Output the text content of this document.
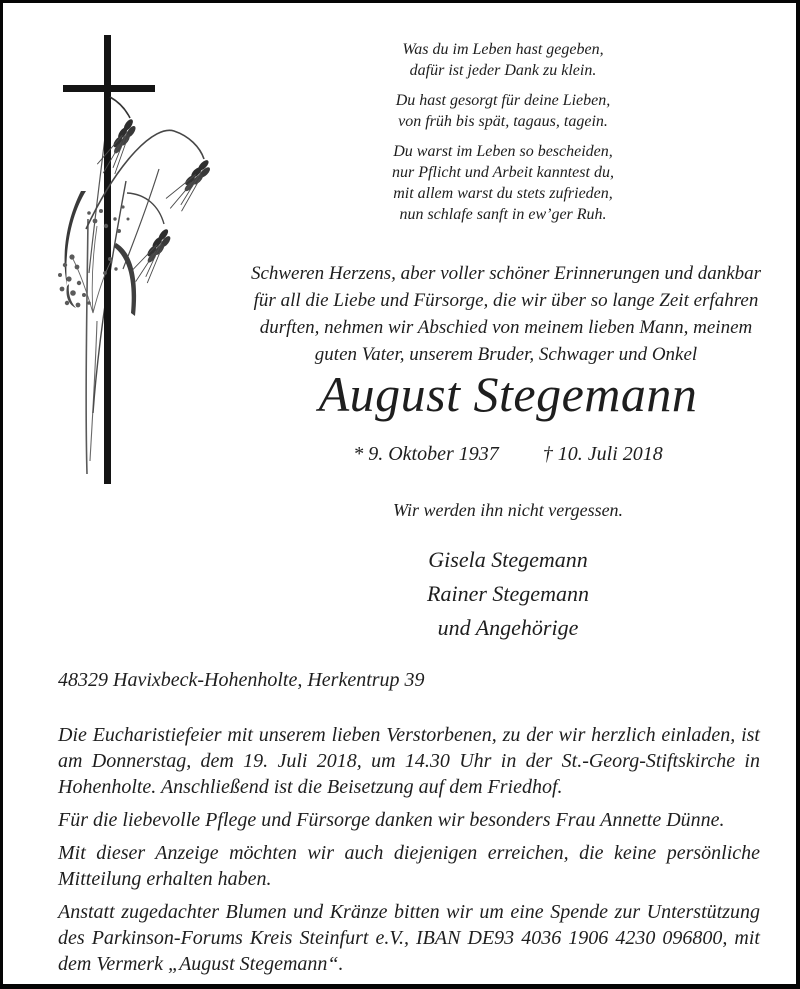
Was du im Leben hast gegeben,
dafür ist jeder Dank zu klein.
Du hast gesorgt für deine Lieben,
von früh bis spät, tagaus, tagein.
Du warst im Leben so bescheiden,
nur Pflicht und Arbeit kanntest du,
mit allem warst du stets zufrieden,
nun schlafe sanft in ew’ger Ruh.
Schweren Herzens, aber voller schöner Erinnerungen und dankbar für all die Liebe und Fürsorge, die wir über so lange Zeit erfahren durften, nehmen wir Abschied von meinem lieben Mann, meinem guten Vater, unserem Bruder, Schwager und Onkel
August Stegemann
* 9. Oktober 1937 † 10. Juli 2018
Wir werden ihn nicht vergessen.
Gisela Stegemann
Rainer Stegemann
und Angehörige
48329 Havixbeck-Hohenholte, Herkentrup 39

Die Eucharistiefeier mit unserem lieben Verstorbenen, zu der wir herzlich einladen, ist am Donnerstag, dem 19. Juli 2018, um 14.30 Uhr in der St.-Georg-Stiftskirche in Hohenholte. Anschließend ist die Beisetzung auf dem Friedhof.

Für die liebevolle Pflege und Fürsorge danken wir besonders Frau Annette Dünne.

Mit dieser Anzeige möchten wir auch diejenigen erreichen, die keine persönliche Mitteilung erhalten haben.

Anstatt zugedachter Blumen und Kränze bitten wir um eine Spende zur Unterstützung des Parkinson-Forums Kreis Steinfurt e.V., IBAN DE93 4036 1906 4230 096800, mit dem Vermerk „August Stegemann“.
